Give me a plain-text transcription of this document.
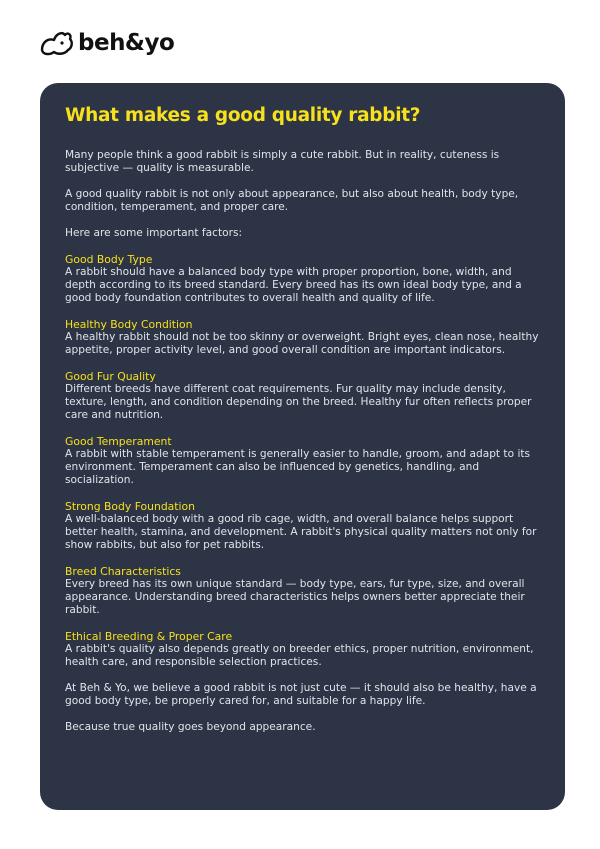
beh&yo
What makes a good quality rabbit?

Many people think a good rabbit is simply a cute rabbit. But in reality, cuteness is subjective — quality is measurable.

A good quality rabbit is not only about appearance, but also about health, body type, condition, temperament, and proper care.

Here are some important factors:

Good Body Type
A rabbit should have a balanced body type with proper proportion, bone, width, and depth according to its breed standard. Every breed has its own ideal body type, and a good body foundation contributes to overall health and quality of life.
Healthy Body Condition
A healthy rabbit should not be too skinny or overweight. Bright eyes, clean nose, healthy appetite, proper activity level, and good overall condition are important indicators.
Good Fur Quality
Different breeds have different coat requirements. Fur quality may include density, texture, length, and condition depending on the breed. Healthy fur often reflects proper care and nutrition.
Good Temperament
A rabbit with stable temperament is generally easier to handle, groom, and adapt to its environment. Temperament can also be influenced by genetics, handling, and socialization.
Strong Body Foundation
A well-balanced body with a good rib cage, width, and overall balance helps support better health, stamina, and development. A rabbit's physical quality matters not only for show rabbits, but also for pet rabbits.
Breed Characteristics
Every breed has its own unique standard — body type, ears, fur type, size, and overall appearance. Understanding breed characteristics helps owners better appreciate their rabbit.
Ethical Breeding & Proper Care
A rabbit's quality also depends greatly on breeder ethics, proper nutrition, environment, health care, and responsible selection practices.

At Beh & Yo, we believe a good rabbit is not just cute — it should also be healthy, have a good body type, be properly cared for, and suitable for a happy life.

Because true quality goes beyond appearance.
